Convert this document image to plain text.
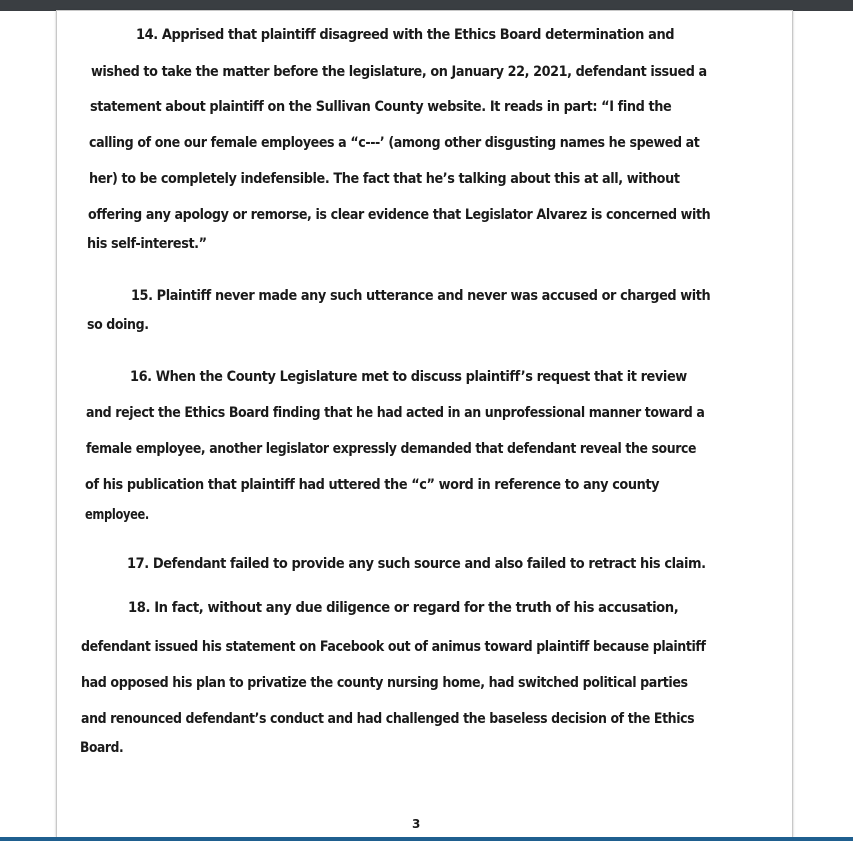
14. Apprised that plaintiff disagreed with the Ethics Board determination and
wished to take the matter before the legislature, on January 22, 2021, defendant issued a
statement about plaintiff on the Sullivan County website. It reads in part: “I find the
calling of one our female employees a “c---’ (among other disgusting names he spewed at
her) to be completely indefensible. The fact that he’s talking about this at all, without
offering any apology or remorse, is clear evidence that Legislator Alvarez is concerned with
his self-interest.”
15. Plaintiff never made any such utterance and never was accused or charged with
so doing.
16. When the County Legislature met to discuss plaintiff’s request that it review
and reject the Ethics Board finding that he had acted in an unprofessional manner toward a
female employee, another legislator expressly demanded that defendant reveal the source
of his publication that plaintiff had uttered the “c” word in reference to any county
employee.
17. Defendant failed to provide any such source and also failed to retract his claim.
18. In fact, without any due diligence or regard for the truth of his accusation,
defendant issued his statement on Facebook out of animus toward plaintiff because plaintiff
had opposed his plan to privatize the county nursing home, had switched political parties
and renounced defendant’s conduct and had challenged the baseless decision of the Ethics
Board.
3
